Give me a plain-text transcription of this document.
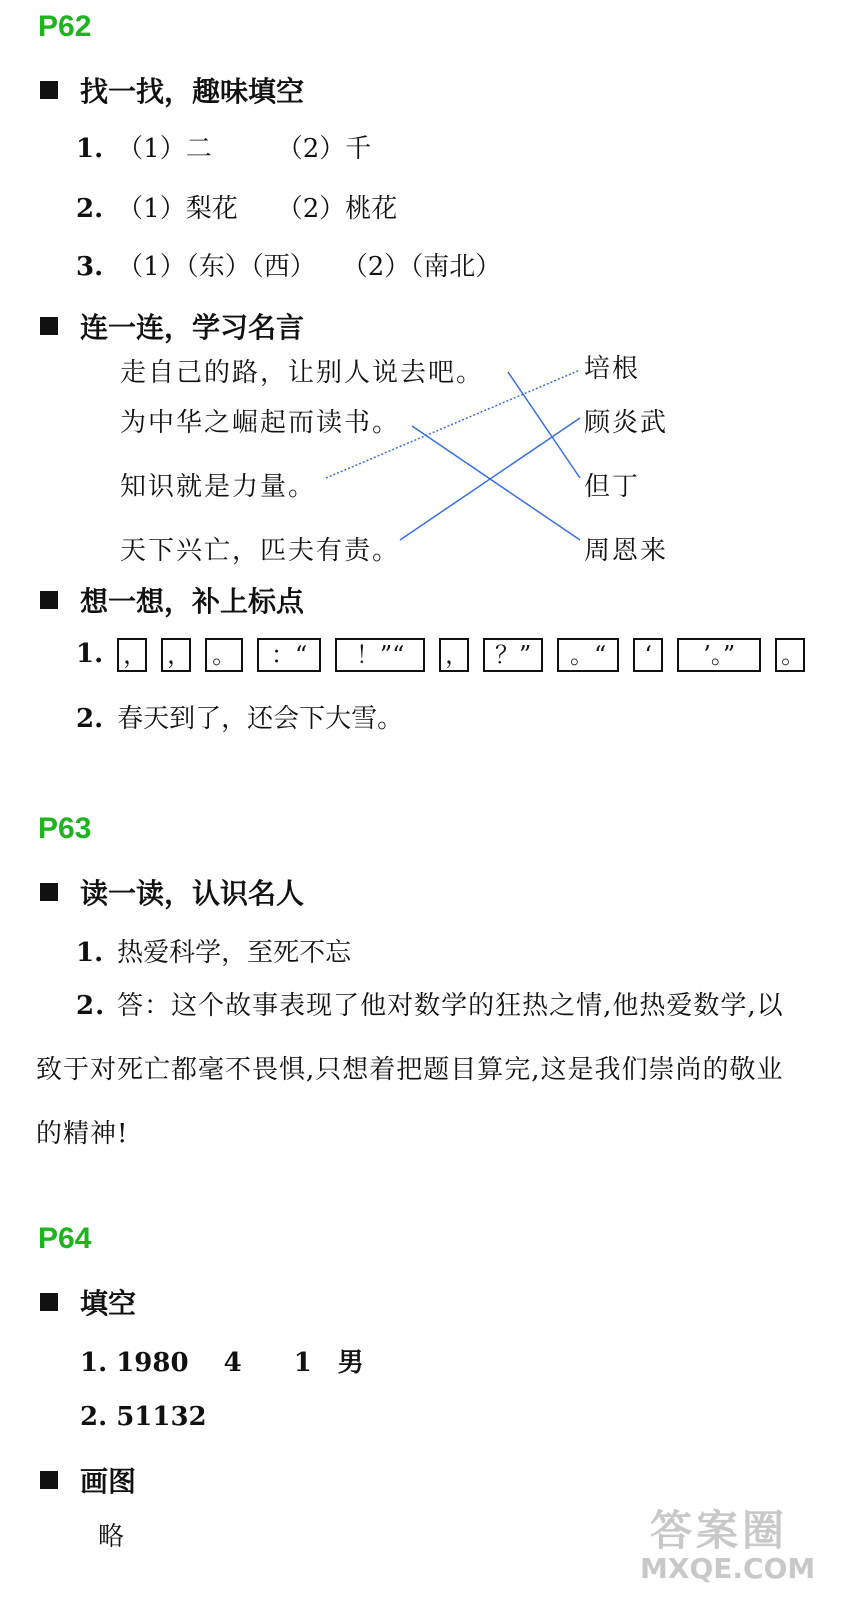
P62
找一找，趣味填空
1. （1）二　　　（2）千
2. （1）梨花　　（2）桃花
3. （1）（东）（西）　　（2）（南北）
连一连，学习名言
走自己的路，让别人说去吧。
为中华之崛起而读书。
知识就是力量。
天下兴亡，匹夫有责。
培根
顾炎武
但丁
周恩来
想一想，补上标点
1. ， ， 。 ：“ ！”“ ， ？” 。“ ‘ ’。” 。
2. 春天到了，还会下大雪。
P63
读一读，认识名人
1. 热爱科学，至死不忘
2. 答：这个故事表现了他对数学的狂热之情,他热爱数学,以致于对死亡都毫不畏惧,只想着把题目算完,这是我们崇尚的敬业的精神!
P64
填空
1. 1980　 4　　1　男
2. 51132
画图
略	答案圈
MXQE.COM
